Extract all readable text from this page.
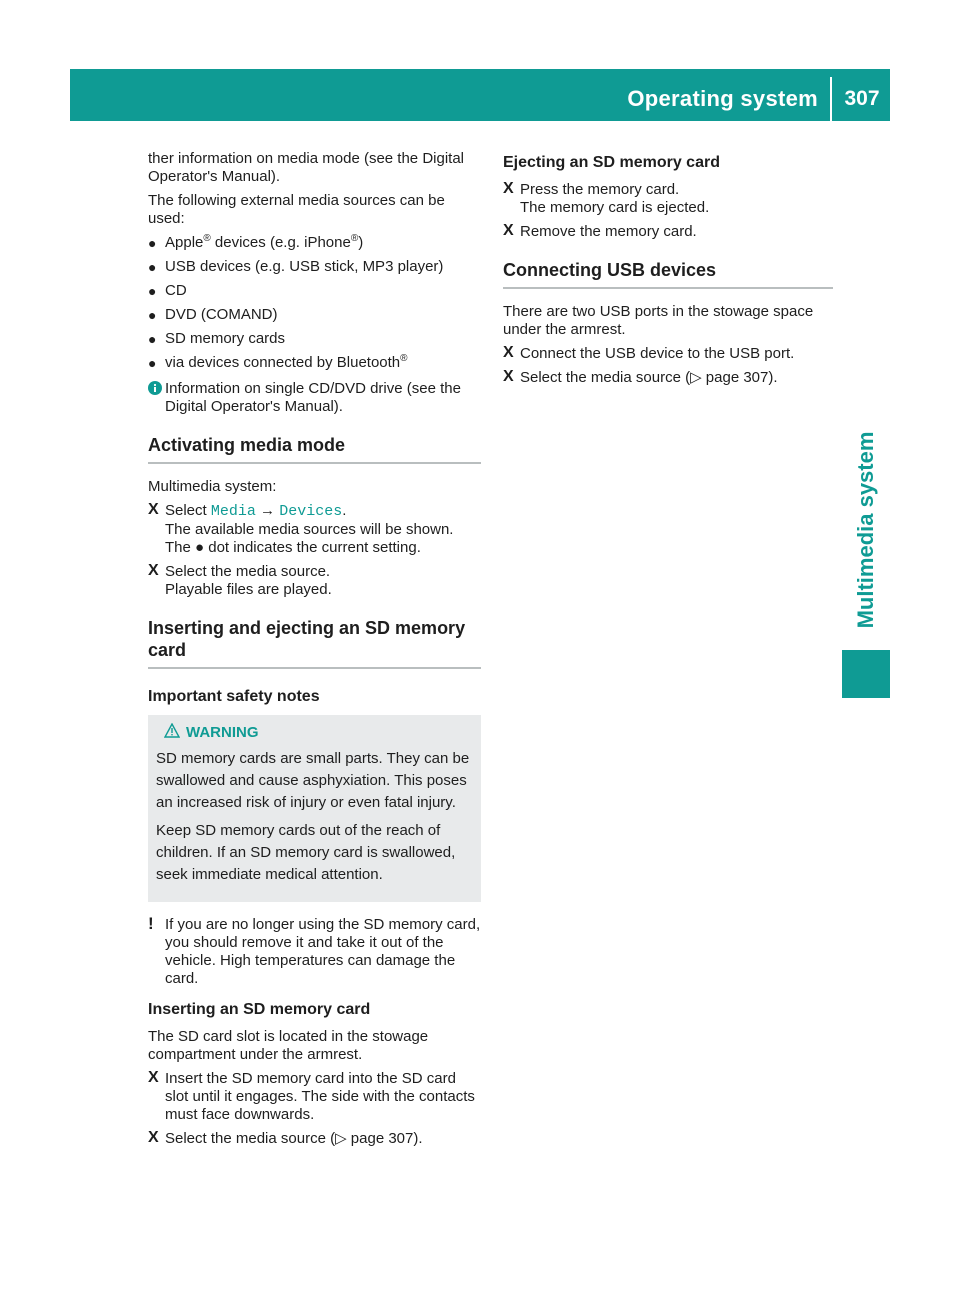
Operating system	307
Multimedia system

ther information on media mode (see the Digital Operator's Manual).

The following external media sources can be used:

● Apple® devices (e.g. iPhone®)
● USB devices (e.g. USB stick, MP3 player)
● CD
● DVD (COMAND)
● SD memory cards
● via devices connected by Bluetooth®
Information on single CD/DVD drive (see the Digital Operator's Manual).
Activating media mode

Multimedia system:

X Select Media → Devices.
The available media sources will be shown.
The ● dot indicates the current setting.
X Select the media source.
Playable files are played.
Inserting and ejecting an SD memory card
Important safety notes
WARNING

SD memory cards are small parts. They can be swallowed and cause asphyxiation. This poses an increased risk of injury or even fatal injury.

Keep SD memory cards out of the reach of children. If an SD memory card is swallowed, seek immediate medical attention.

! If you are no longer using the SD memory card, you should remove it and take it out of the vehicle. High temperatures can damage the card.
Inserting an SD memory card

The SD card slot is located in the stowage compartment under the armrest.

X Insert the SD memory card into the SD card slot until it engages. The side with the contacts must face downwards.
X Select the media source (▷ page 307).
Ejecting an SD memory card
X Press the memory card.
The memory card is ejected.
X Remove the memory card.
Connecting USB devices

There are two USB ports in the stowage space under the armrest.

X Connect the USB device to the USB port.
X Select the media source (▷ page 307).
